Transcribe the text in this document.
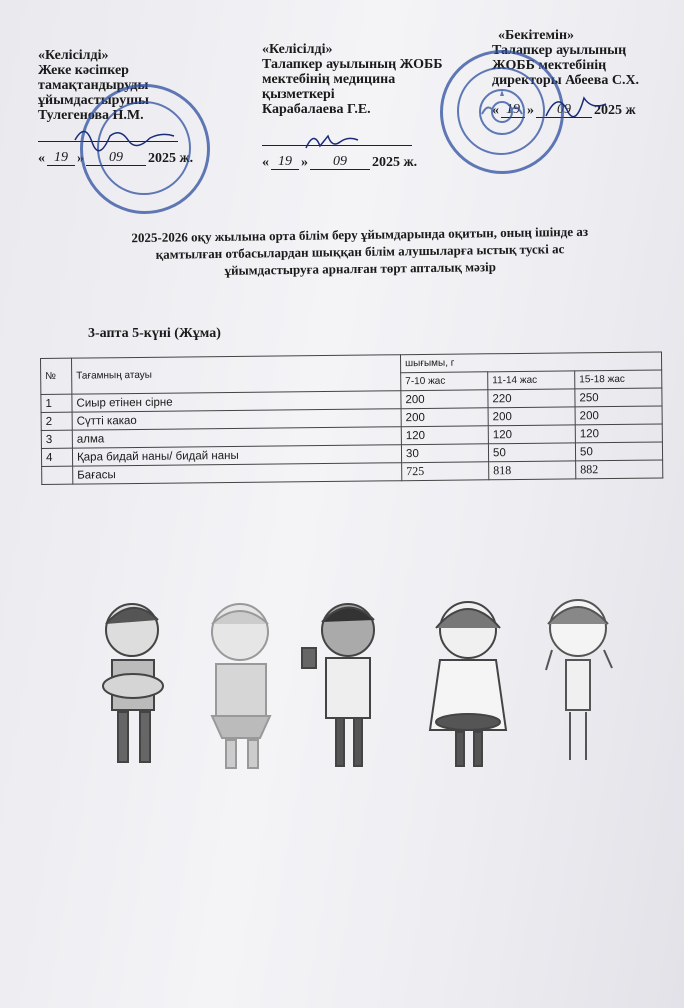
«Келісілді»
Жеке кәсіпкер
тамақтандыруды
ұйымдастырушы
Тулегенова Н.М.
« 19 »	09	2025 ж.
«Келісілді»
Талапкер ауылының ЖОББ
мектебінің медицина
қызметкері
Карабалаева Г.Е.
« 19 »	09	2025 ж.
«Бекітемін»
Талапкер ауылының
ЖОББ мектебінің
директоры Абеева С.Х.
« 19 »	09	2025 ж
2025-2026 оқу жылына орта білім беру ұйымдарында оқитын, оның ішінде аз
қамтылған отбасылардан шыққан білім алушыларға ыстық тускі ас
ұйымдастыруға арналған төрт апталық мәзір
3-апта 5-күні (Жұма)
№	Тағамның атауы	шығымы, г		
		7-10 жас	11-14 жас	15-18 жас
1	Сиыр етінен сірне	200	220	250
2	Сүтті какао	200	200	200
3	алма	120	120	120
4	Қара бидай наны/ бидай наны	30	50	50
	Бағасы	725	818	882
